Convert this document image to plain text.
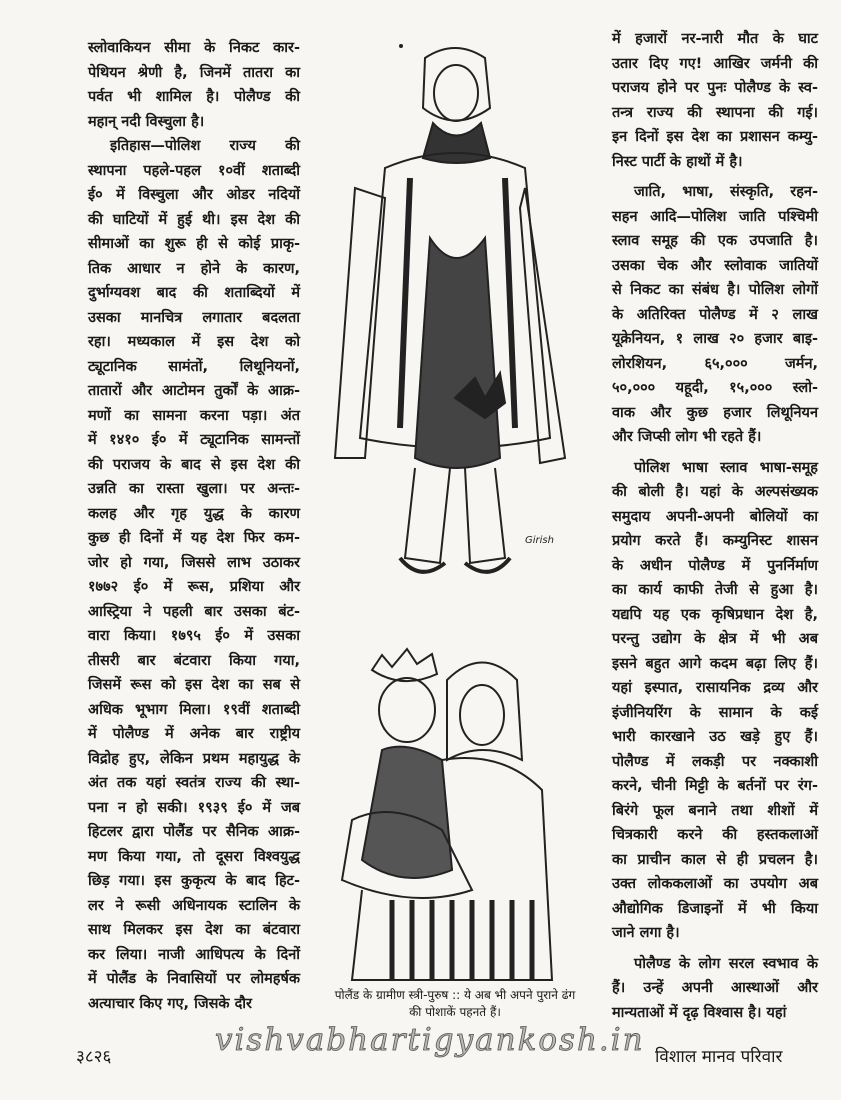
स्लोवाकियन सीमा के निकट कार-
पेथियन श्रेणी है, जिनमें तातरा का
पर्वत भी शामिल है। पोलैण्ड की
महान् नदी विस्चुला है।
इतिहास—पोलिश राज्य की
स्थापना पहले-पहल १०वीं शताब्दी
ई० में विस्चुला और ओडर नदियों
की घाटियों में हुई थी। इस देश की
सीमाओं का शुरू ही से कोई प्राकृ-
तिक आधार न होने के कारण,
दुर्भाग्यवश बाद की शताब्दियों में
उसका मानचित्र लगातार बदलता
रहा। मध्यकाल में इस देश को
ट्यूटानिक सामंतों, लिथूनियनों,
तातारों और आटोमन तुर्कों के आक्र-
मणों का सामना करना पड़ा। अंत
में १४१० ई० में ट्यूटानिक सामन्तों
की पराजय के बाद से इस देश की
उन्नति का रास्ता खुला। पर अन्तः-
कलह और गृह युद्ध के कारण
कुछ ही दिनों में यह देश फिर कम-
जोर हो गया, जिससे लाभ उठाकर
१७७२ ई० में रूस, प्रशिया और
आस्ट्रिया ने पहली बार उसका बंट-
वारा किया। १७९५ ई० में उसका
तीसरी बार बंटवारा किया गया,
जिसमें रूस को इस देश का सब से
अधिक भूभाग मिला। १९वीं शताब्दी
में पोलैण्ड में अनेक बार राष्ट्रीय
विद्रोह हुए, लेकिन प्रथम महायुद्ध के
अंत तक यहां स्वतंत्र राज्य की स्था-
पना न हो सकी। १९३९ ई० में जब
हिटलर द्वारा पोलैंड पर सैनिक आक्र-
मण किया गया, तो दूसरा विश्वयुद्ध
छिड़ गया। इस कुकृत्य के बाद हिट-
लर ने रूसी अधिनायक स्टालिन के
साथ मिलकर इस देश का बंटवारा
कर लिया। नाजी आधिपत्य के दिनों
में पोलैंड के निवासियों पर लोमहर्षक
अत्याचार किए गए, जिसके दौर
में हजारों नर-नारी मौत के घाट
उतार दिए गए! आखिर जर्मनी की
पराजय होने पर पुनः पोलैण्ड के स्व-
तन्त्र राज्य की स्थापना की गई।
इन दिनों इस देश का प्रशासन कम्यु-
निस्ट पार्टी के हाथों में है।
जाति, भाषा, संस्कृति, रहन-
सहन आदि—पोलिश जाति पश्चिमी
स्लाव समूह की एक उपजाति है।
उसका चेक और स्लोवाक जातियों
से निकट का संबंध है। पोलिश लोगों
के अतिरिक्त पोलैण्ड में २ लाख
यूक्रेनियन, १ लाख २० हजार बाइ-
लोरशियन, ६५,००० जर्मन,
५०,००० यहूदी, १५,००० स्लो-
वाक और कुछ हजार लिथूनियन
और जिप्सी लोग भी रहते हैं।
पोलिश भाषा स्लाव भाषा-समूह
की बोली है। यहां के अल्पसंख्यक
समुदाय अपनी-अपनी बोलियों का
प्रयोग करते हैं। कम्युनिस्ट शासन
के अधीन पोलैण्ड में पुनर्निर्माण
का कार्य काफी तेजी से हुआ है।
यद्यपि यह एक कृषिप्रधान देश है,
परन्तु उद्योग के क्षेत्र में भी अब
इसने बहुत आगे कदम बढ़ा लिए हैं।
यहां इस्पात, रासायनिक द्रव्य और
इंजीनियरिंग के सामान के कई
भारी कारखाने उठ खड़े हुए हैं।
पोलैण्ड में लकड़ी पर नक्काशी
करने, चीनी मिट्टी के बर्तनों पर रंग-
बिरंगे फूल बनाने तथा शीशों में
चित्रकारी करने की हस्तकलाओं
का प्राचीन काल से ही प्रचलन है।
उक्त लोककलाओं का उपयोग अब
औद्योगिक डिजाइनों में भी किया
जाने लगा है।
पोलैण्ड के लोग सरल स्वभाव के
हैं। उन्हें अपनी आस्थाओं और
मान्यताओं में दृढ़ विश्वास है। यहां
Girish
पोलैंड के ग्रामीण स्त्री-पुरुष :: ये अब भी अपने पुराने ढंग की पोशाकें पहनते हैं।
vishvabhartigyankosh.in
३८२६	विशाल मानव परिवार
